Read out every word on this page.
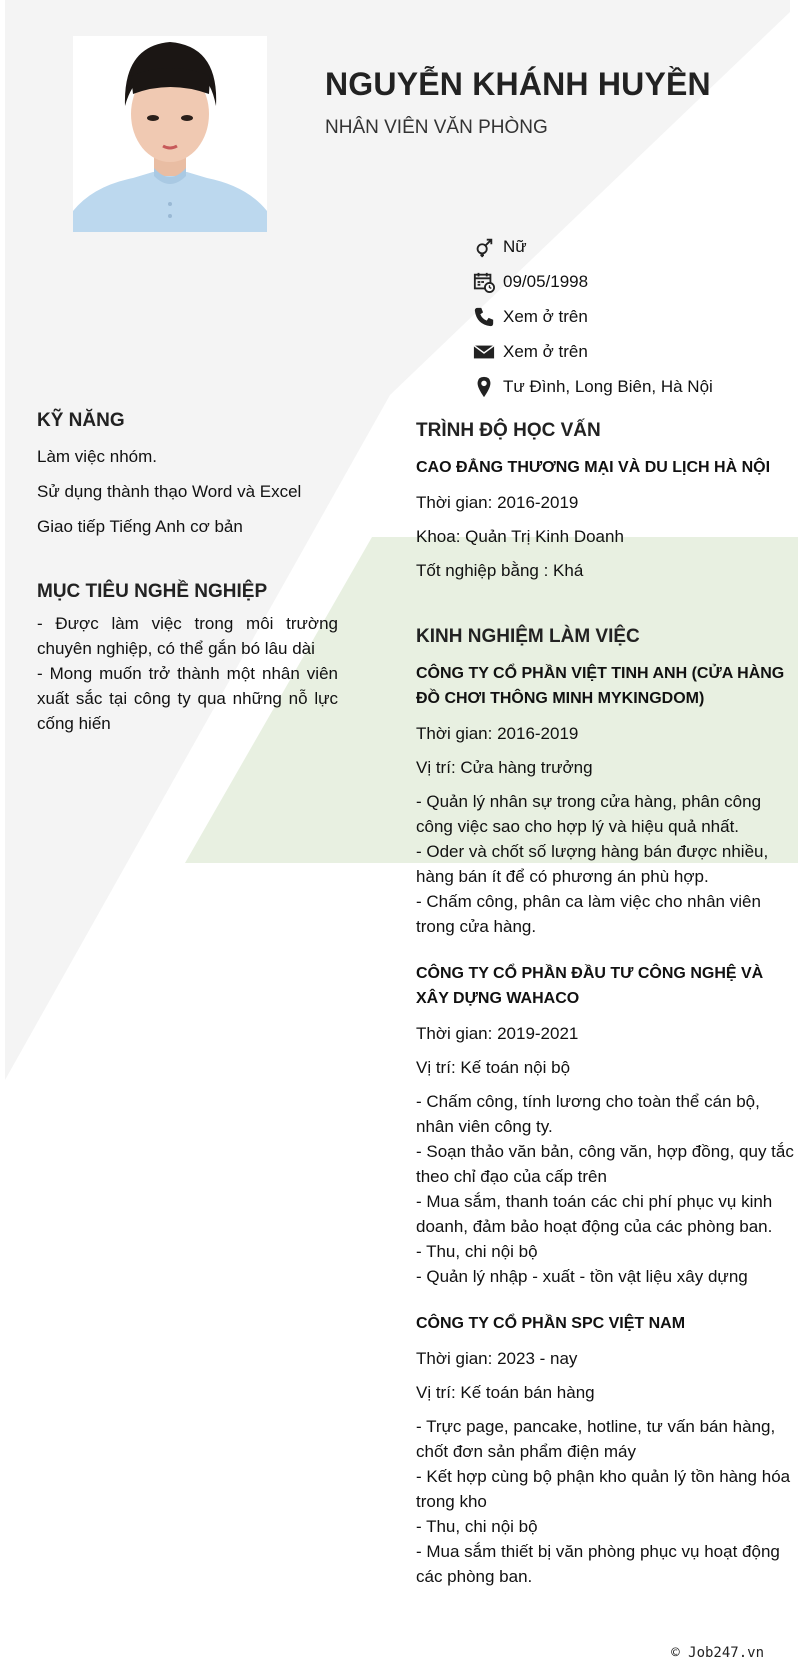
NGUYỄN KHÁNH HUYỀN
NHÂN VIÊN VĂN PHÒNG
Nữ
09/05/1998
Xem ở trên
Xem ở trên
Tư Đình, Long Biên, Hà Nội
KỸ NĂNG
Làm việc nhóm.
Sử dụng thành thạo Word và Excel
Giao tiếp Tiếng Anh cơ bản
MỤC TIÊU NGHỀ NGHIỆP
- Được làm việc trong môi trường chuyên nghiệp, có thể gắn bó lâu dài
- Mong muốn trở thành một nhân viên xuất sắc tại công ty qua những nỗ lực cống hiến
TRÌNH ĐỘ HỌC VẤN
CAO ĐẲNG THƯƠNG MẠI VÀ DU LỊCH HÀ NỘI
Thời gian: 2016-2019
Khoa: Quản Trị Kinh Doanh
Tốt nghiệp bằng : Khá
KINH NGHIỆM LÀM VIỆC
CÔNG TY CỔ PHẦN VIỆT TINH ANH (CỬA HÀNG ĐỒ CHƠI THÔNG MINH MYKINGDOM)
Thời gian: 2016-2019
Vị trí: Cửa hàng trưởng
- Quản lý nhân sự trong cửa hàng, phân công công việc sao cho hợp lý và hiệu quả nhất.
- Oder và chốt số lượng hàng bán được nhiều, hàng bán ít để có phương án phù hợp.
- Chấm công, phân ca làm việc cho nhân viên trong cửa hàng.
CÔNG TY CỔ PHẦN ĐẦU TƯ CÔNG NGHỆ VÀ XÂY DỰNG WAHACO
Thời gian: 2019-2021
Vị trí: Kế toán nội bộ
- Chấm công, tính lương cho toàn thể cán bộ, nhân viên công ty.
- Soạn thảo văn bản, công văn, hợp đồng, quy tắc theo chỉ đạo của cấp trên
- Mua sắm, thanh toán các chi phí phục vụ kinh doanh, đảm bảo hoạt động của các phòng ban.
- Thu, chi nội bộ
- Quản lý nhập - xuất - tồn vật liệu xây dựng
CÔNG TY CỔ PHẦN SPC VIỆT NAM
Thời gian: 2023 - nay
Vị trí: Kế toán bán hàng
- Trực page, pancake, hotline, tư vấn bán hàng, chốt đơn sản phẩm điện máy
- Kết hợp cùng bộ phận kho quản lý tồn hàng hóa trong kho
- Thu, chi nội bộ
- Mua sắm thiết bị văn phòng phục vụ hoạt động các phòng ban.
© Job247.vn
